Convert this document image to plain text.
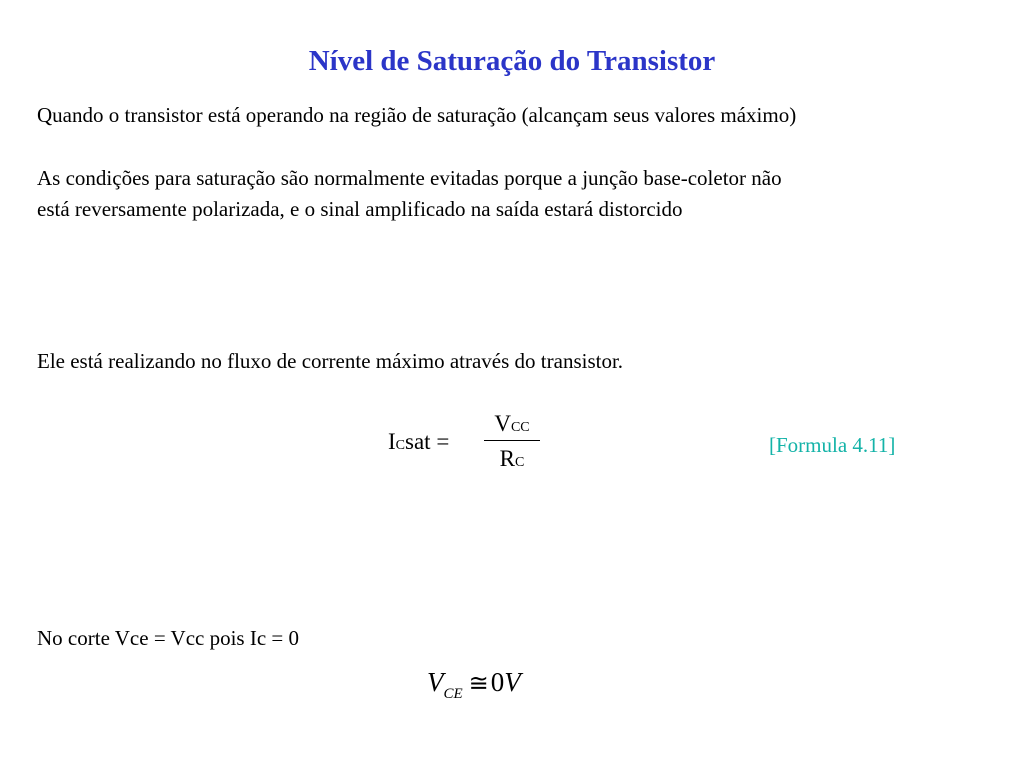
Nível de Saturação do Transistor
Quando o transistor está operando na região de saturação (alcançam seus valores máximo)
As condições para saturação são normalmente evitadas porque a junção base-coletor não
está reversamente polarizada, e o sinal amplificado na saída estará distorcido
Ele está realizando no fluxo de corrente máximo através do transistor.
ICsat =
VCC
RC
[Formula 4.11]
No corte Vce = Vcc pois Ic = 0
$V_{CE}$ ≅0V
